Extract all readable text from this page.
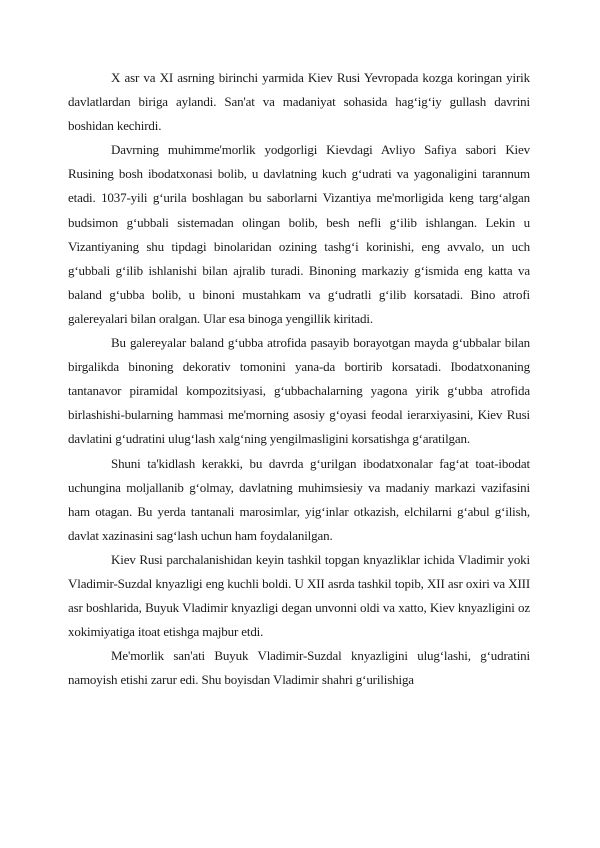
X asr va XI asrning birinchi yarmida Kiev Rusi Yevropada kozga koringan yirik davlatlardan biriga aylandi. San'at va madaniyat sohasida hag‘ig‘iy gullash davrini boshidan kechirdi.

Davrning muhimme'morlik yodgorligi Kievdagi Avliyo Safiya sabori Kiev Rusining bosh ibodatxonasi bolib, u davlatning kuch g‘udrati va yagonaligini tarannum etadi. 1037-yili g‘urila boshlagan bu saborlarni Vizantiya me'morligida keng targ‘algan budsimon g‘ubbali sistemadan olingan bolib, besh nefli g‘ilib ishlangan. Lekin u Vizantiyaning shu tipdagi binolaridan ozining tashg‘i korinishi, eng avvalo, un uch g‘ubbali g‘ilib ishlanishi bilan ajralib turadi. Binoning markaziy g‘ismida eng katta va baland g‘ubba bolib, u binoni mustahkam va g‘udratli g‘ilib korsatadi. Bino atrofi galereyalari bilan oralgan. Ular esa binoga yengillik kiritadi.

Bu galereyalar baland g‘ubba atrofida pasayib borayotgan mayda g‘ubbalar bilan birgalikda binoning dekorativ tomonini yana-da bortirib korsatadi. Ibodatxonaning tantanavor piramidal kompozitsiyasi, g‘ubbachalarning yagona yirik g‘ubba atrofida birlashishi-bularning hammasi me'morning asosiy g‘oyasi feodal ierarxiyasini, Kiev Rusi davlatini g‘udratini ulug‘lash xalg‘ning yengilmasligini korsatishga g‘aratilgan.

Shuni ta'kidlash kerakki, bu davrda g‘urilgan ibodatxonalar fag‘at toat-ibodat uchungina moljallanib g‘olmay, davlatning muhimsiesiy va madaniy markazi vazifasini ham otagan. Bu yerda tantanali marosimlar, yig‘inlar otkazish, elchilarni g‘abul g‘ilish, davlat xazinasini sag‘lash uchun ham foydalanilgan.

Kiev Rusi parchalanishidan keyin tashkil topgan knyazliklar ichida Vladimir yoki Vladimir-Suzdal knyazligi eng kuchli boldi. U XII asrda tashkil topib, XII asr oxiri va XIII asr boshlarida, Buyuk Vladimir knyazligi degan unvonni oldi va xatto, Kiev knyazligini oz xokimiyatiga itoat etishga majbur etdi.

Me'morlik san'ati Buyuk Vladimir-Suzdal knyazligini ulug‘lashi, g‘udratini namoyish etishi zarur edi. Shu boyisdan Vladimir shahri g‘urilishiga
